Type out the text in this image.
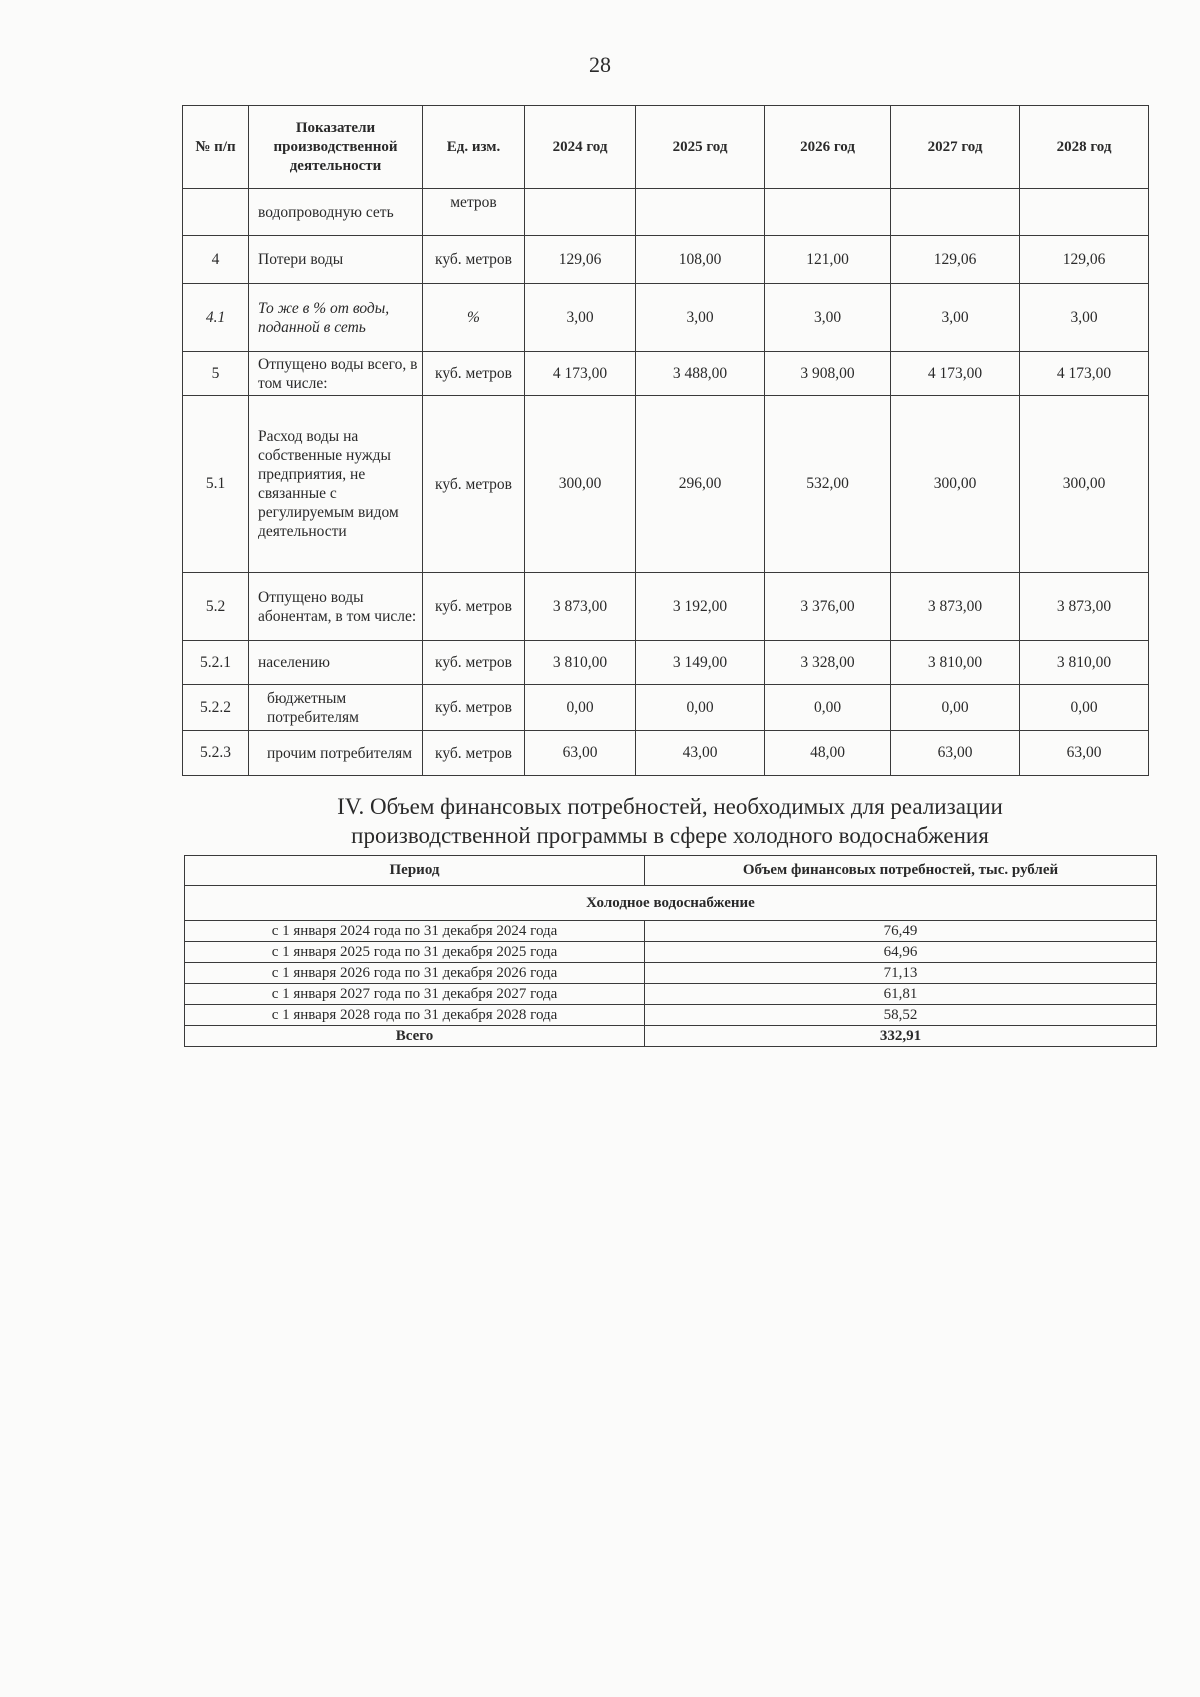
28
№ п/п	Показатели производственной деятельности	Ед. изм.	2024 год	2025 год	2026 год	2027 год	2028 год
	водопроводную сеть	метров					
4	Потери воды	куб. метров	129,06	108,00	121,00	129,06	129,06
4.1	То же в % от воды, поданной в сеть	%	3,00	3,00	3,00	3,00	3,00
5	Отпущено воды всего, в том числе:	куб. метров	4 173,00	3 488,00	3 908,00	4 173,00	4 173,00
5.1	Расход воды на собственные нужды предприятия, не связанные с регулируемым видом деятельности	куб. метров	300,00	296,00	532,00	300,00	300,00
5.2	Отпущено воды абонентам, в том числе:	куб. метров	3 873,00	3 192,00	3 376,00	3 873,00	3 873,00
5.2.1	населению	куб. метров	3 810,00	3 149,00	3 328,00	3 810,00	3 810,00
5.2.2	бюджетным потребителям	куб. метров	0,00	0,00	0,00	0,00	0,00
5.2.3	прочим потребителям	куб. метров	63,00	43,00	48,00	63,00	63,00
IV. Объем финансовых потребностей, необходимых для реализации
производственной программы в сфере холодного водоснабжения
Период	Объем финансовых потребностей, тыс. рублей
Холодное водоснабжение	
с 1 января 2024 года по 31 декабря 2024 года	76,49
с 1 января 2025 года по 31 декабря 2025 года	64,96
с 1 января 2026 года по 31 декабря 2026 года	71,13
с 1 января 2027 года по 31 декабря 2027 года	61,81
с 1 января 2028 года по 31 декабря 2028 года	58,52
Всего	332,91
